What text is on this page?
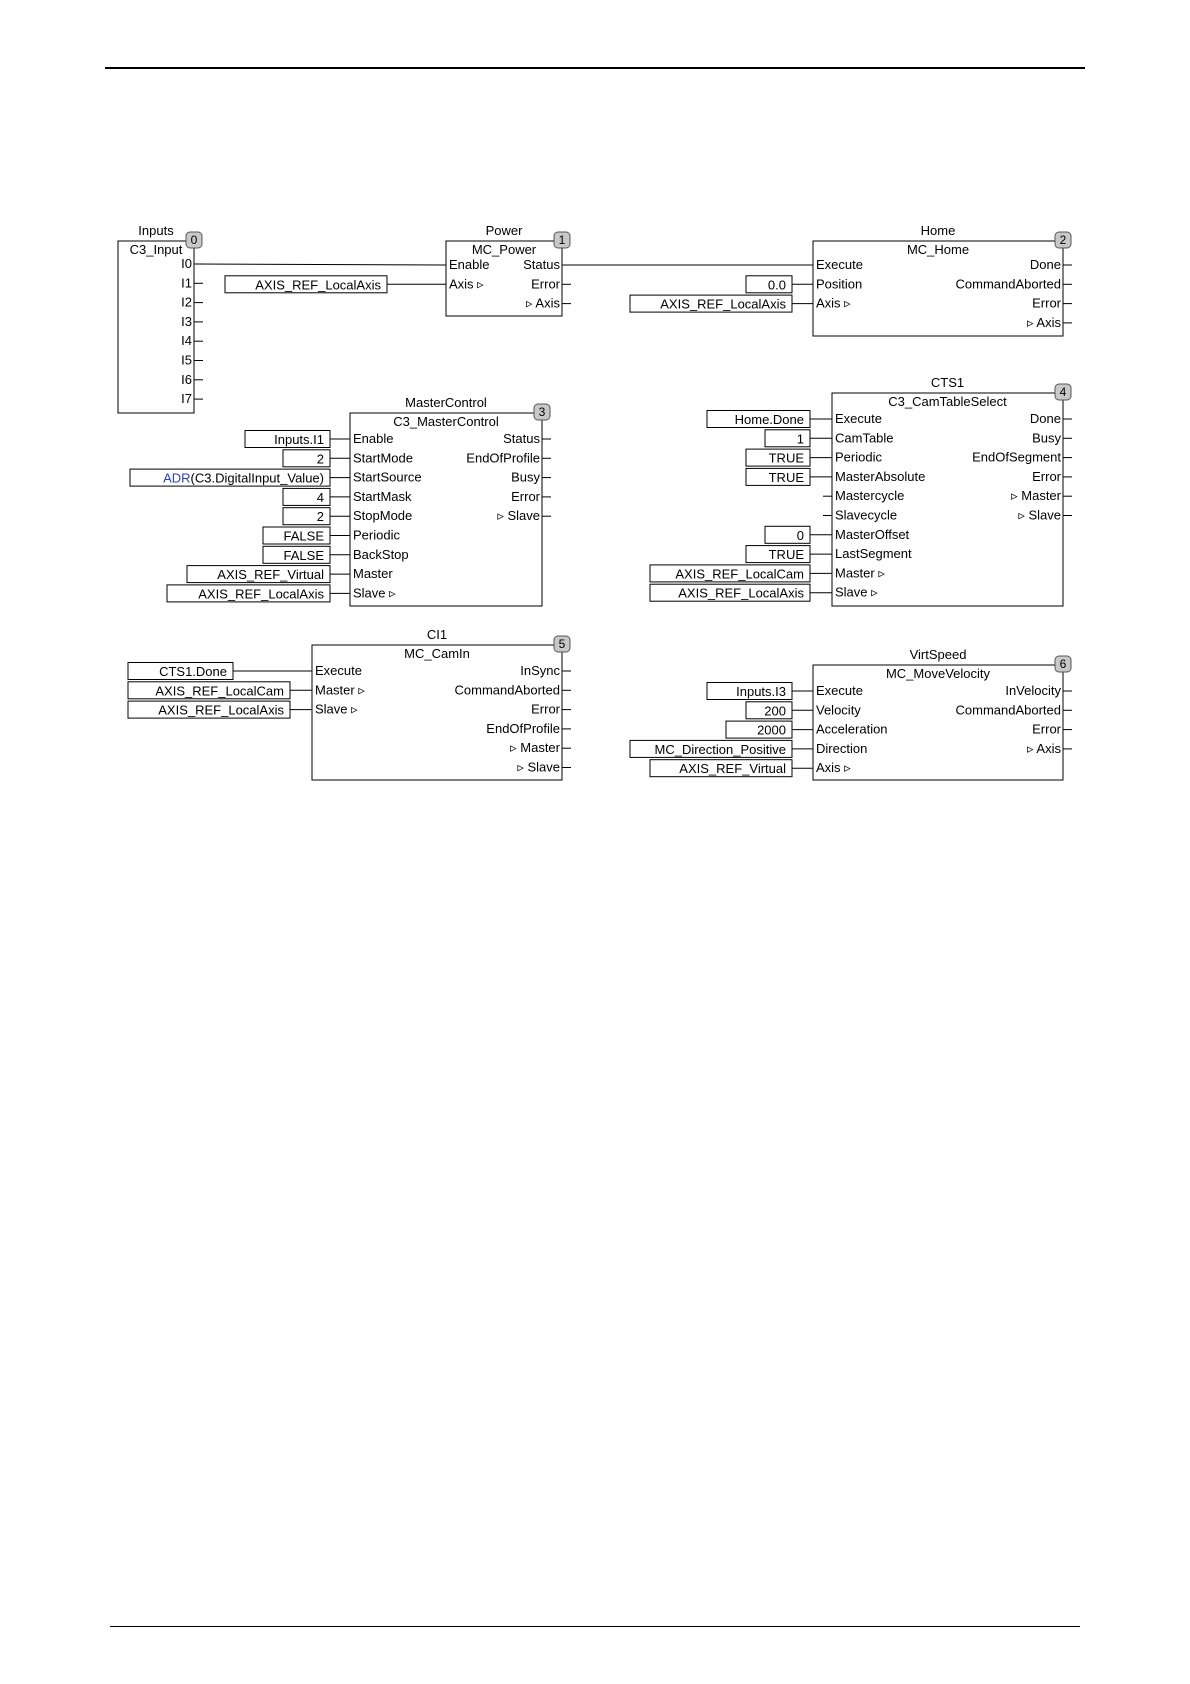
Inputs
C3_Input
0
I0
I1
I2
I3
I4
I5
I6
I7
Power
MC_Power
1
Enable
Axis ▹
Status
Error
▹ Axis
Home
MC_Home
2
Execute
Position
Axis ▹
Done
CommandAborted
Error
▹ Axis
MasterControl
C3_MasterControl
3
Enable
StartMode
StartSource
StartMask
StopMode
Periodic
BackStop
Master
Slave ▹
Status
EndOfProfile
Busy
Error
▹ Slave
CTS1
C3_CamTableSelect
4
Execute
CamTable
Periodic
MasterAbsolute
Mastercycle
Slavecycle
MasterOffset
LastSegment
Master ▹
Slave ▹
Done
Busy
EndOfSegment
Error
▹ Master
▹ Slave
CI1
MC_CamIn
5
Execute
Master ▹
Slave ▹
InSync
CommandAborted
Error
EndOfProfile
▹ Master
▹ Slave
VirtSpeed
MC_MoveVelocity
6
Execute
Velocity
Acceleration
Direction
Axis ▹
InVelocity
CommandAborted
Error
▹ Axis
AXIS_REF_LocalAxis	0.0
AXIS_REF_LocalAxis
Inputs.I1
2
ADR(C3.DigitalInput_Value)
4
2
FALSE
FALSE
AXIS_REF_Virtual
AXIS_REF_LocalAxis
Home.Done
1
TRUE
TRUE
0
TRUE
AXIS_REF_LocalCam
AXIS_REF_LocalAxis
CTS1.Done
AXIS_REF_LocalCam
AXIS_REF_LocalAxis
Inputs.I3
200
2000
MC_Direction_Positive
AXIS_REF_Virtual
